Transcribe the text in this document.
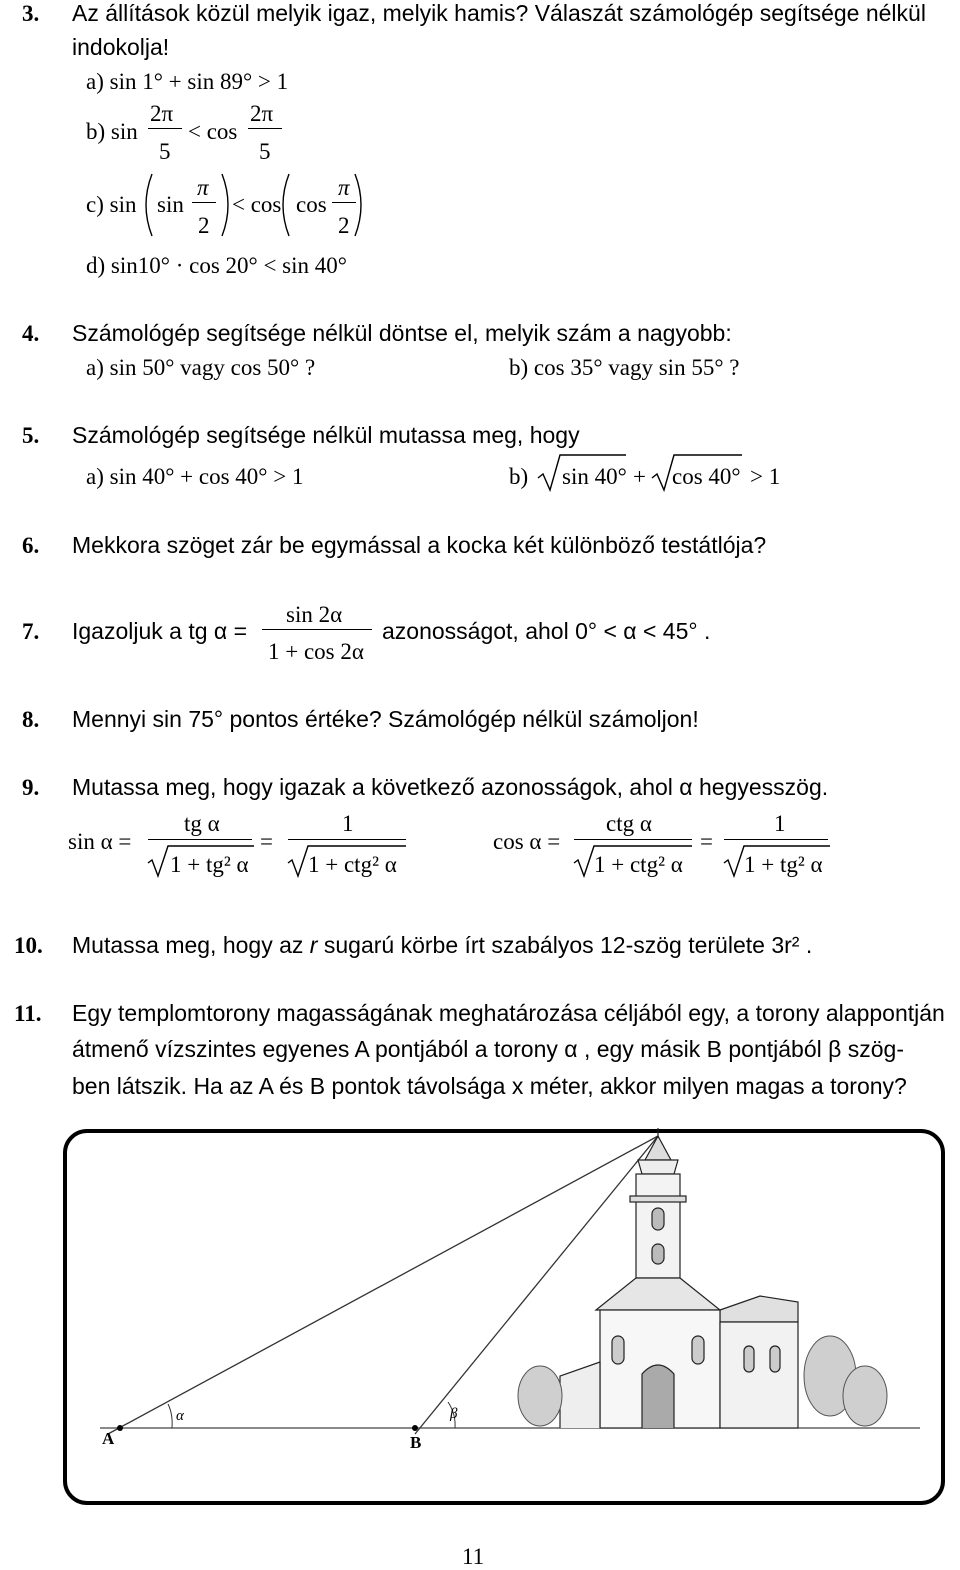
3. Az állítások közül melyik igaz, melyik hamis? Válaszát számológép segítsége nélkül
indokolja!
a) sin 1° + sin 89° > 1
b) sin
2π
5
< cos
2π
5
c) sin sin
π
2
< cos cos
π
2
d) sin10° · cos 20° < sin 40°
4. Számológép segítsége nélkül döntse el, melyik szám a nagyobb:
a) sin 50° vagy cos 50° ?	b) cos 35° vagy sin 55° ?
5. Számológép segítsége nélkül mutassa meg, hogy
a) sin 40° + cos 40° > 1	b) sin 40° + cos 40° > 1
6. Mekkora szöget zár be egymással a kocka két különböző testátlója?
7. Igazoljuk a tg α =
sin 2α
1 + cos 2α
azonosságot, ahol 0° < α < 45° .
8. Mennyi sin 75° pontos értéke? Számológép nélkül számoljon!
9. Mutassa meg, hogy igazak a következő azonosságok, ahol α hegyesszög.
sin α =
tg α
1 + tg² α
=
1
1 + ctg² α
cos α =
ctg α
1 + ctg² α
=
1
1 + tg² α
10. Mutassa meg, hogy az r sugarú körbe írt szabályos 12-szög területe 3r² .
11. Egy templomtorony magasságának meghatározása céljából egy, a torony alappontján
átmenő vízszintes egyenes A pontjából a torony α , egy másik B pontjából β szög-
ben látszik. Ha az A és B pontok távolsága x méter, akkor milyen magas a torony?
A	B
α	β
11
